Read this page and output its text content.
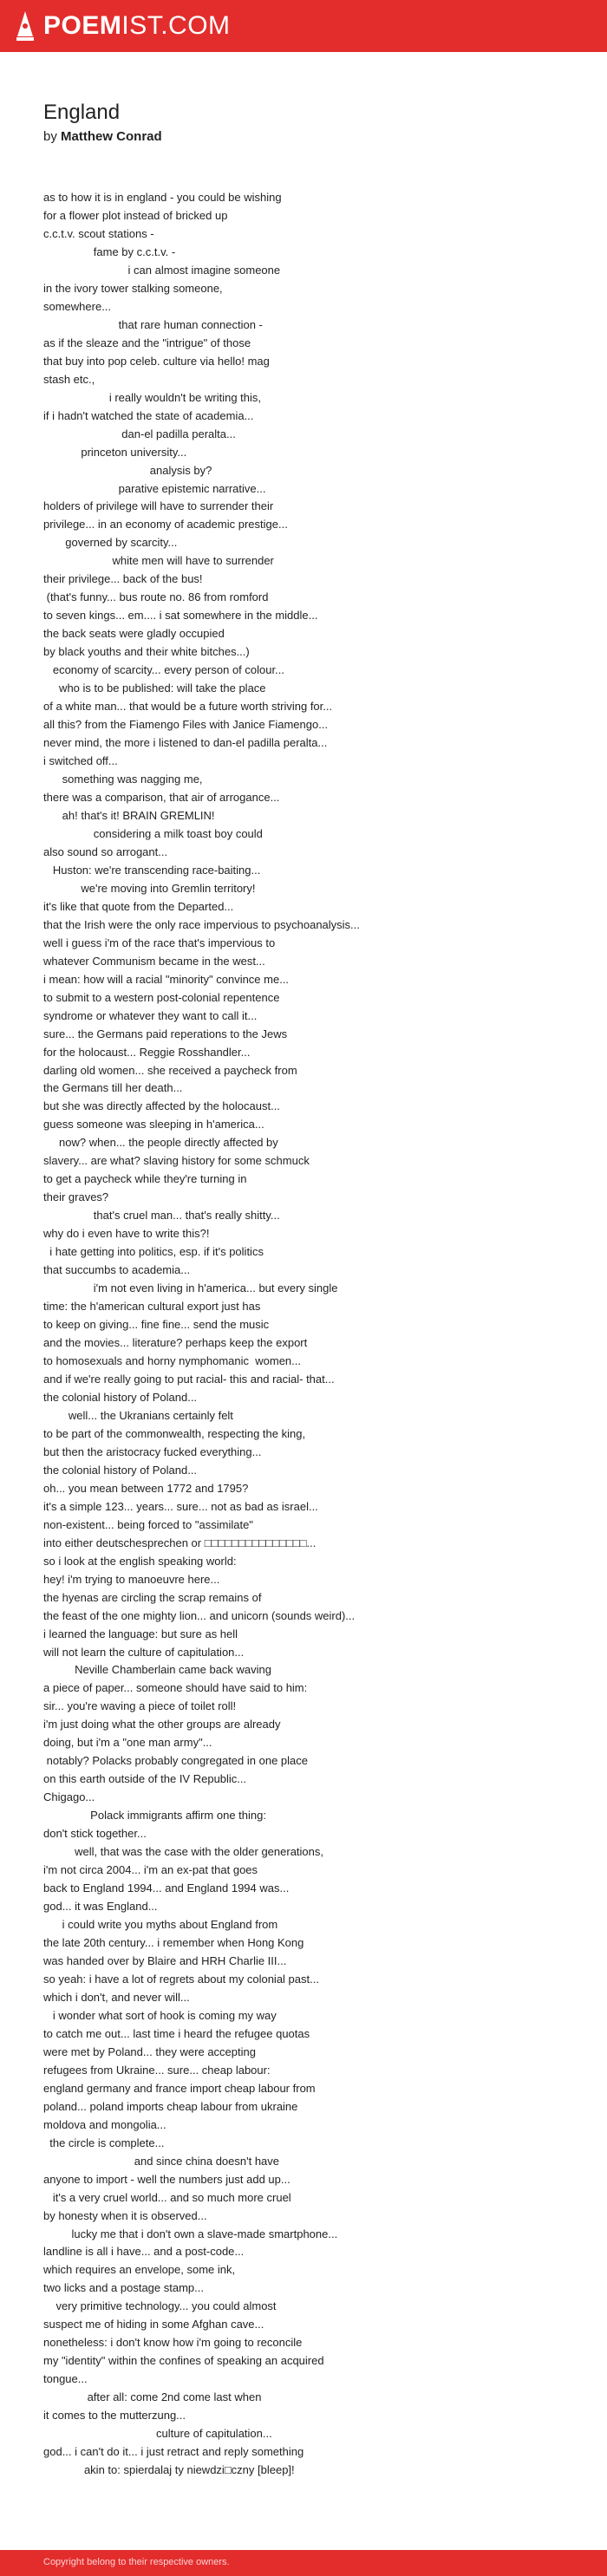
POEMIST.COM
England
by Matthew Conrad
as to how it is in england - you could be wishing
for a flower plot instead of bricked up
c.c.t.v. scout stations -
fame by c.c.t.v. -
i can almost imagine someone
in the ivory tower stalking someone,
somewhere...
that rare human connection -
as if the sleaze and the "intrigue" of those
that buy into pop celeb. culture via hello! mag
stash etc.,
i really wouldn't be writing this,
if i hadn't watched the state of academia...
dan-el padilla peralta...
princeton university...
analysis by?
parative epistemic narrative...
holders of privilege will have to surrender their
privilege... in an economy of academic prestige...
governed by scarcity...
white men will have to surrender
their privilege... back of the bus!
(that's funny... bus route no. 86 from romford
to seven kings... em.... i sat somewhere in the middle...
the back seats were gladly occupied
by black youths and their white bitches...)
economy of scarcity... every person of colour...
who is to be published: will take the place
of a white man... that would be a future worth striving for...
all this? from the Fiamengo Files with Janice Fiamengo...
never mind, the more i listened to dan-el padilla peralta...
i switched off...
something was nagging me,
there was a comparison, that air of arrogance...
ah! that's it! BRAIN GREMLIN!
considering a milk toast boy could
also sound so arrogant...
Huston: we're transcending race-baiting...
we're moving into Gremlin territory!
it's like that quote from the Departed...
that the Irish were the only race impervious to psychoanalysis...
well i guess i'm of the race that's impervious to
whatever Communism became in the west...
i mean: how will a racial "minority" convince me...
to submit to a western post-colonial repentence
syndrome or whatever they want to call it...
sure... the Germans paid reperations to the Jews
for the holocaust... Reggie Rosshandler...
darling old women... she received a paycheck from
the Germans till her death...
but she was directly affected by the holocaust...
guess someone was sleeping in h'america...
now? when... the people directly affected by
slavery... are what? slaving history for some schmuck
to get a paycheck while they're turning in
their graves?
that's cruel man... that's really shitty...
why do i even have to write this?!
i hate getting into politics, esp. if it's politics
that succumbs to academia...
i'm not even living in h'america... but every single
time: the h'american cultural export just has
to keep on giving... fine fine... send the music
and the movies... literature? perhaps keep the export
to homosexuals and horny nymphomanic  women...
and if we're really going to put racial- this and racial- that...
the colonial history of Poland...
well... the Ukranians certainly felt
to be part of the commonwealth, respecting the king,
but then the aristocracy fucked everything...
the colonial history of Poland...
oh... you mean between 1772 and 1795?
it's a simple 123... years... sure... not as bad as israel...
non-existent... being forced to "assimilate"
into either deutschesprechen or □□□□□□□□□□□□□□□...
so i look at the english speaking world:
hey! i'm trying to manoeuvre here...
the hyenas are circling the scrap remains of
the feast of the one mighty lion... and unicorn (sounds weird)...
i learned the language: but sure as hell
will not learn the culture of capitulation...
Neville Chamberlain came back waving
a piece of paper... someone should have said to him:
sir... you're waving a piece of toilet roll!
i'm just doing what the other groups are already
doing, but i'm a "one man army"...
notably? Polacks probably congregated in one place
on this earth outside of the IV Republic...
Chigago...
Polack immigrants affirm one thing:
don't stick together...
well, that was the case with the older generations,
i'm not circa 2004... i'm an ex-pat that goes
back to England 1994... and England 1994 was...
god... it was England...
i could write you myths about England from
the late 20th century... i remember when Hong Kong
was handed over by Blaire and HRH Charlie III...
so yeah: i have a lot of regrets about my colonial past...
which i don't, and never will...
i wonder what sort of hook is coming my way
to catch me out... last time i heard the refugee quotas
were met by Poland... they were accepting
refugees from Ukraine... sure... cheap labour:
england germany and france import cheap labour from
poland... poland imports cheap labour from ukraine
moldova and mongolia...
the circle is complete...
and since china doesn't have
anyone to import - well the numbers just add up...
it's a very cruel world... and so much more cruel
by honesty when it is observed...
lucky me that i don't own a slave-made smartphone...
landline is all i have... and a post-code...
which requires an envelope, some ink,
two licks and a postage stamp...
very primitive technology... you could almost
suspect me of hiding in some Afghan cave...
nonetheless: i don't know how i'm going to reconcile
my "identity" within the confines of speaking an acquired
tongue...
after all: come 2nd come last when
it comes to the mutterzung...
culture of capitulation...
god... i can't do it... i just retract and reply something
akin to: spierdalaj ty niewdzi□czny [bleep]!
Copyright belong to their respective owners.
